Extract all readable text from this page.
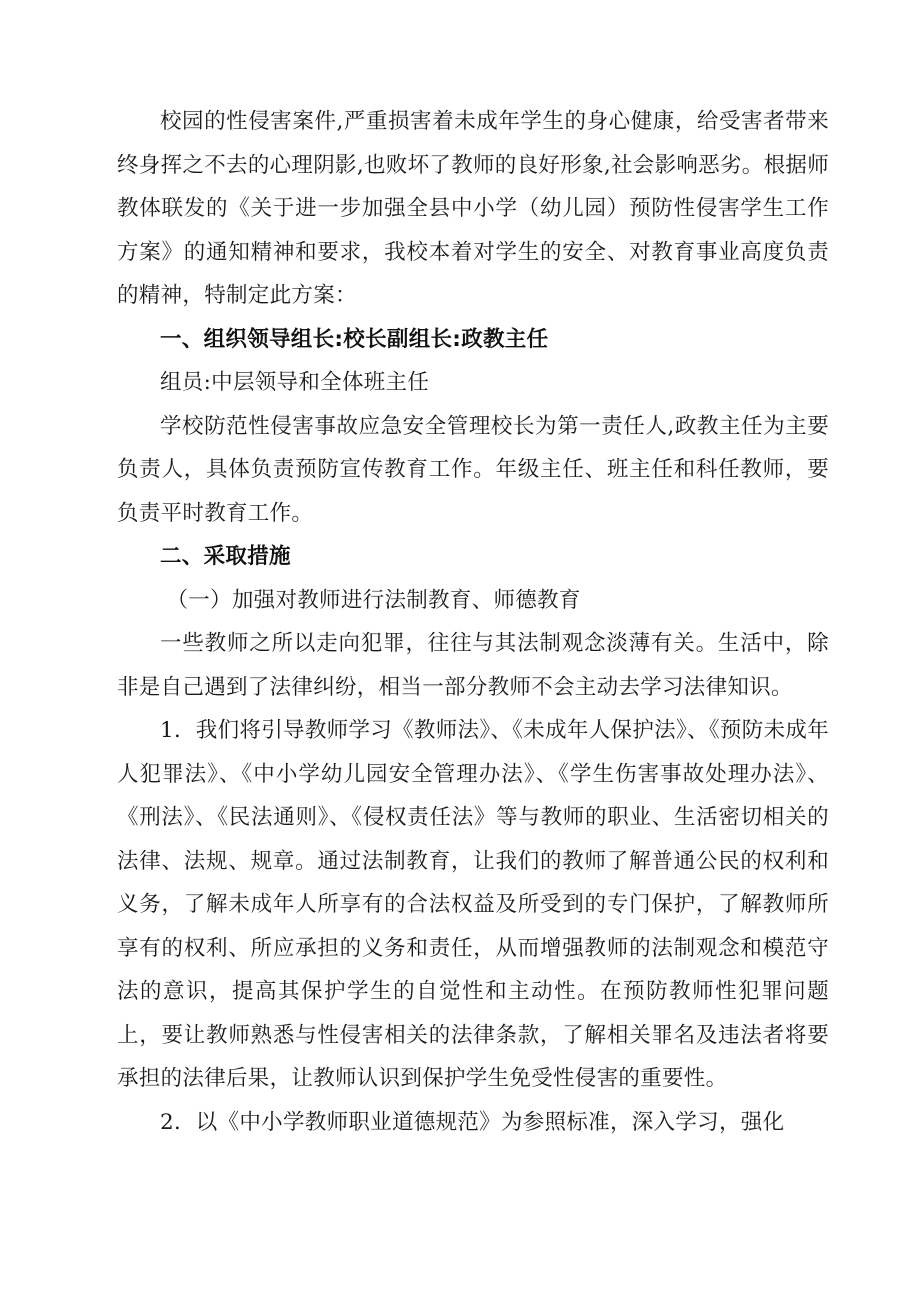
校园的性侵害案件,严重损害着未成年学生的身心健康，给受害者带来终身挥之不去的心理阴影,也败坏了教师的良好形象,社会影响恶劣。根据师教体联发的《关于进一步加强全县中小学（幼儿园）预防性侵害学生工作方案》的通知精神和要求，我校本着对学生的安全、对教育事业高度负责的精神，特制定此方案：

一、组织领导组长:校长副组长:政教主任

组员:中层领导和全体班主任

学校防范性侵害事故应急安全管理校长为第一责任人,政教主任为主要负责人，具体负责预防宣传教育工作。年级主任、班主任和科任教师，要负责平时教育工作。

二、采取措施

（一）加强对教师进行法制教育、师德教育

一些教师之所以走向犯罪，往往与其法制观念淡薄有关。生活中，除非是自己遇到了法律纠纷，相当一部分教师不会主动去学习法律知识。

1．我们将引导教师学习《教师法》、《未成年人保护法》、《预防未成年人犯罪法》、《中小学幼儿园安全管理办法》、《学生伤害事故处理办法》、《刑法》、《民法通则》、《侵权责任法》等与教师的职业、生活密切相关的法律、法规、规章。通过法制教育，让我们的教师了解普通公民的权利和义务，了解未成年人所享有的合法权益及所受到的专门保护，了解教师所享有的权利、所应承担的义务和责任，从而增强教师的法制观念和模范守法的意识，提高其保护学生的自觉性和主动性。在预防教师性犯罪问题上，要让教师熟悉与性侵害相关的法律条款，了解相关罪名及违法者将要承担的法律后果，让教师认识到保护学生免受性侵害的重要性。

2．以《中小学教师职业道德规范》为参照标准，深入学习，强化
